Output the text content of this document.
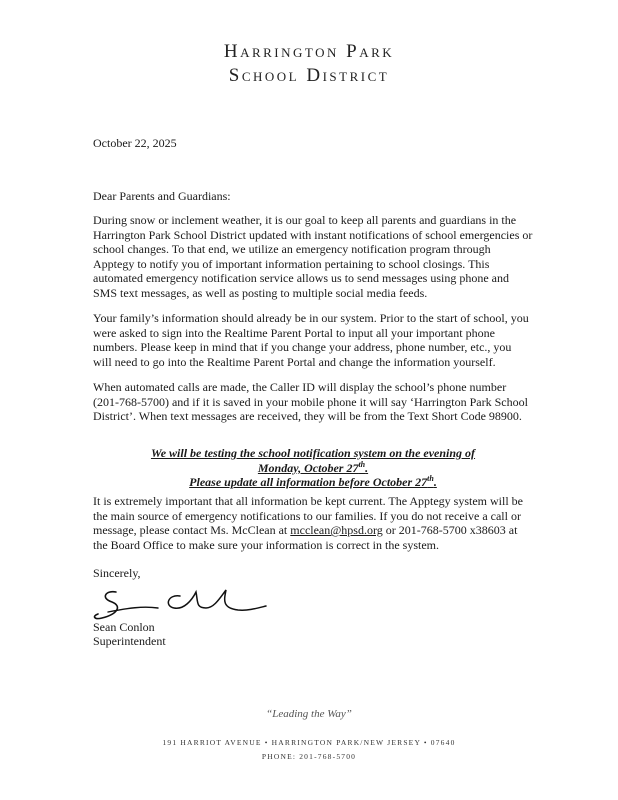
Harrington Park
School District
October 22, 2025
Dear Parents and Guardians:
During snow or inclement weather, it is our goal to keep all parents and guardians in the Harrington Park School District updated with instant notifications of school emergencies or school changes. To that end, we utilize an emergency notification program through Apptegy to notify you of important information pertaining to school closings. This automated emergency notification service allows us to send messages using phone and SMS text messages, as well as posting to multiple social media feeds.
Your family’s information should already be in our system. Prior to the start of school, you were asked to sign into the Realtime Parent Portal to input all your important phone numbers. Please keep in mind that if you change your address, phone number, etc., you will need to go into the Realtime Parent Portal and change the information yourself.
When automated calls are made, the Caller ID will display the school’s phone number (201-768-5700) and if it is saved in your mobile phone it will say ‘Harrington Park School District’. When text messages are received, they will be from the Text Short Code 98900.
We will be testing the school notification system on the evening of
Monday, October 27th.
Please update all information before October 27th.
It is extremely important that all information be kept current. The Apptegy system will be the main source of emergency notifications to our families. If you do not receive a call or message, please contact Ms. McClean at mcclean@hpsd.org or 201-768-5700 x38603 at the Board Office to make sure your information is correct in the system.
Sincerely,
Sean Conlon
Superintendent
“Leading the Way”
191 HARRIOT AVENUE • HARRINGTON PARK/NEW JERSEY • 07640
PHONE: 201-768-5700
